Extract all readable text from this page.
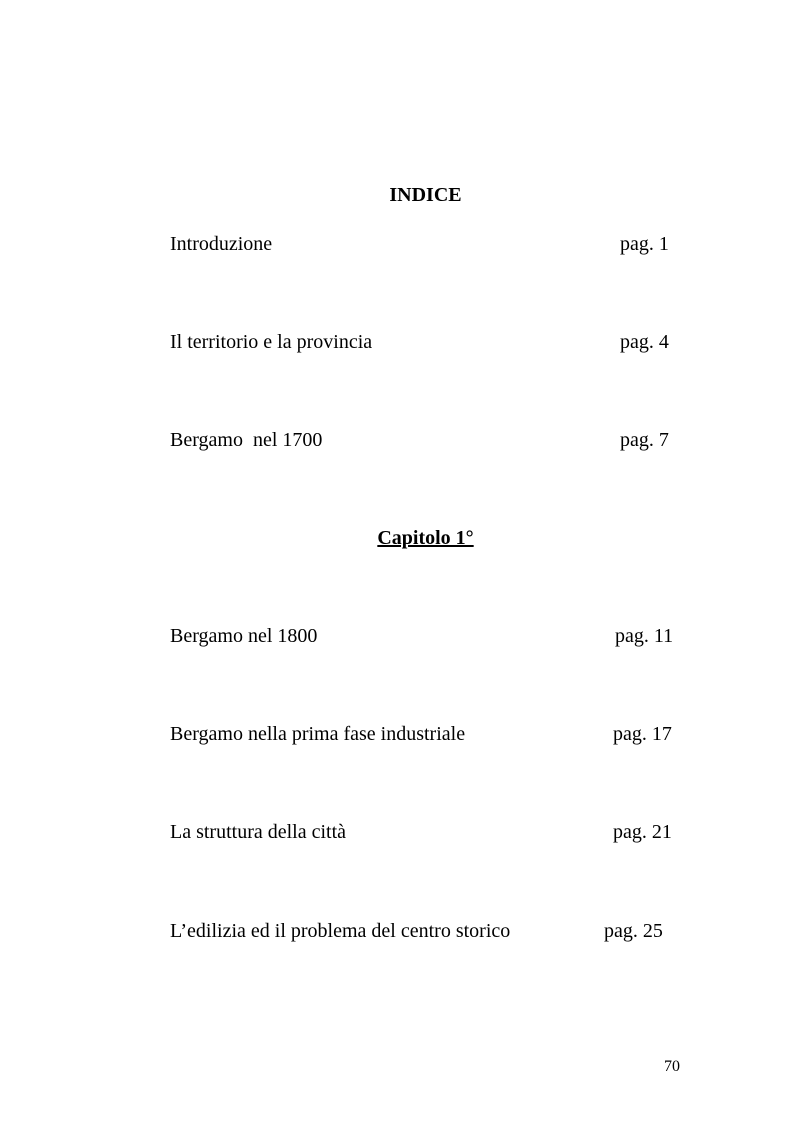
INDICE
Introduzione	pag. 1
Il territorio e la provincia	pag. 4
Bergamo  nel 1700	pag. 7
Capitolo 1°
Bergamo nel 1800	pag. 11
Bergamo nella prima fase industriale	pag. 17
La struttura della città	pag. 21
L’edilizia ed il problema del centro storico	pag. 25
70
